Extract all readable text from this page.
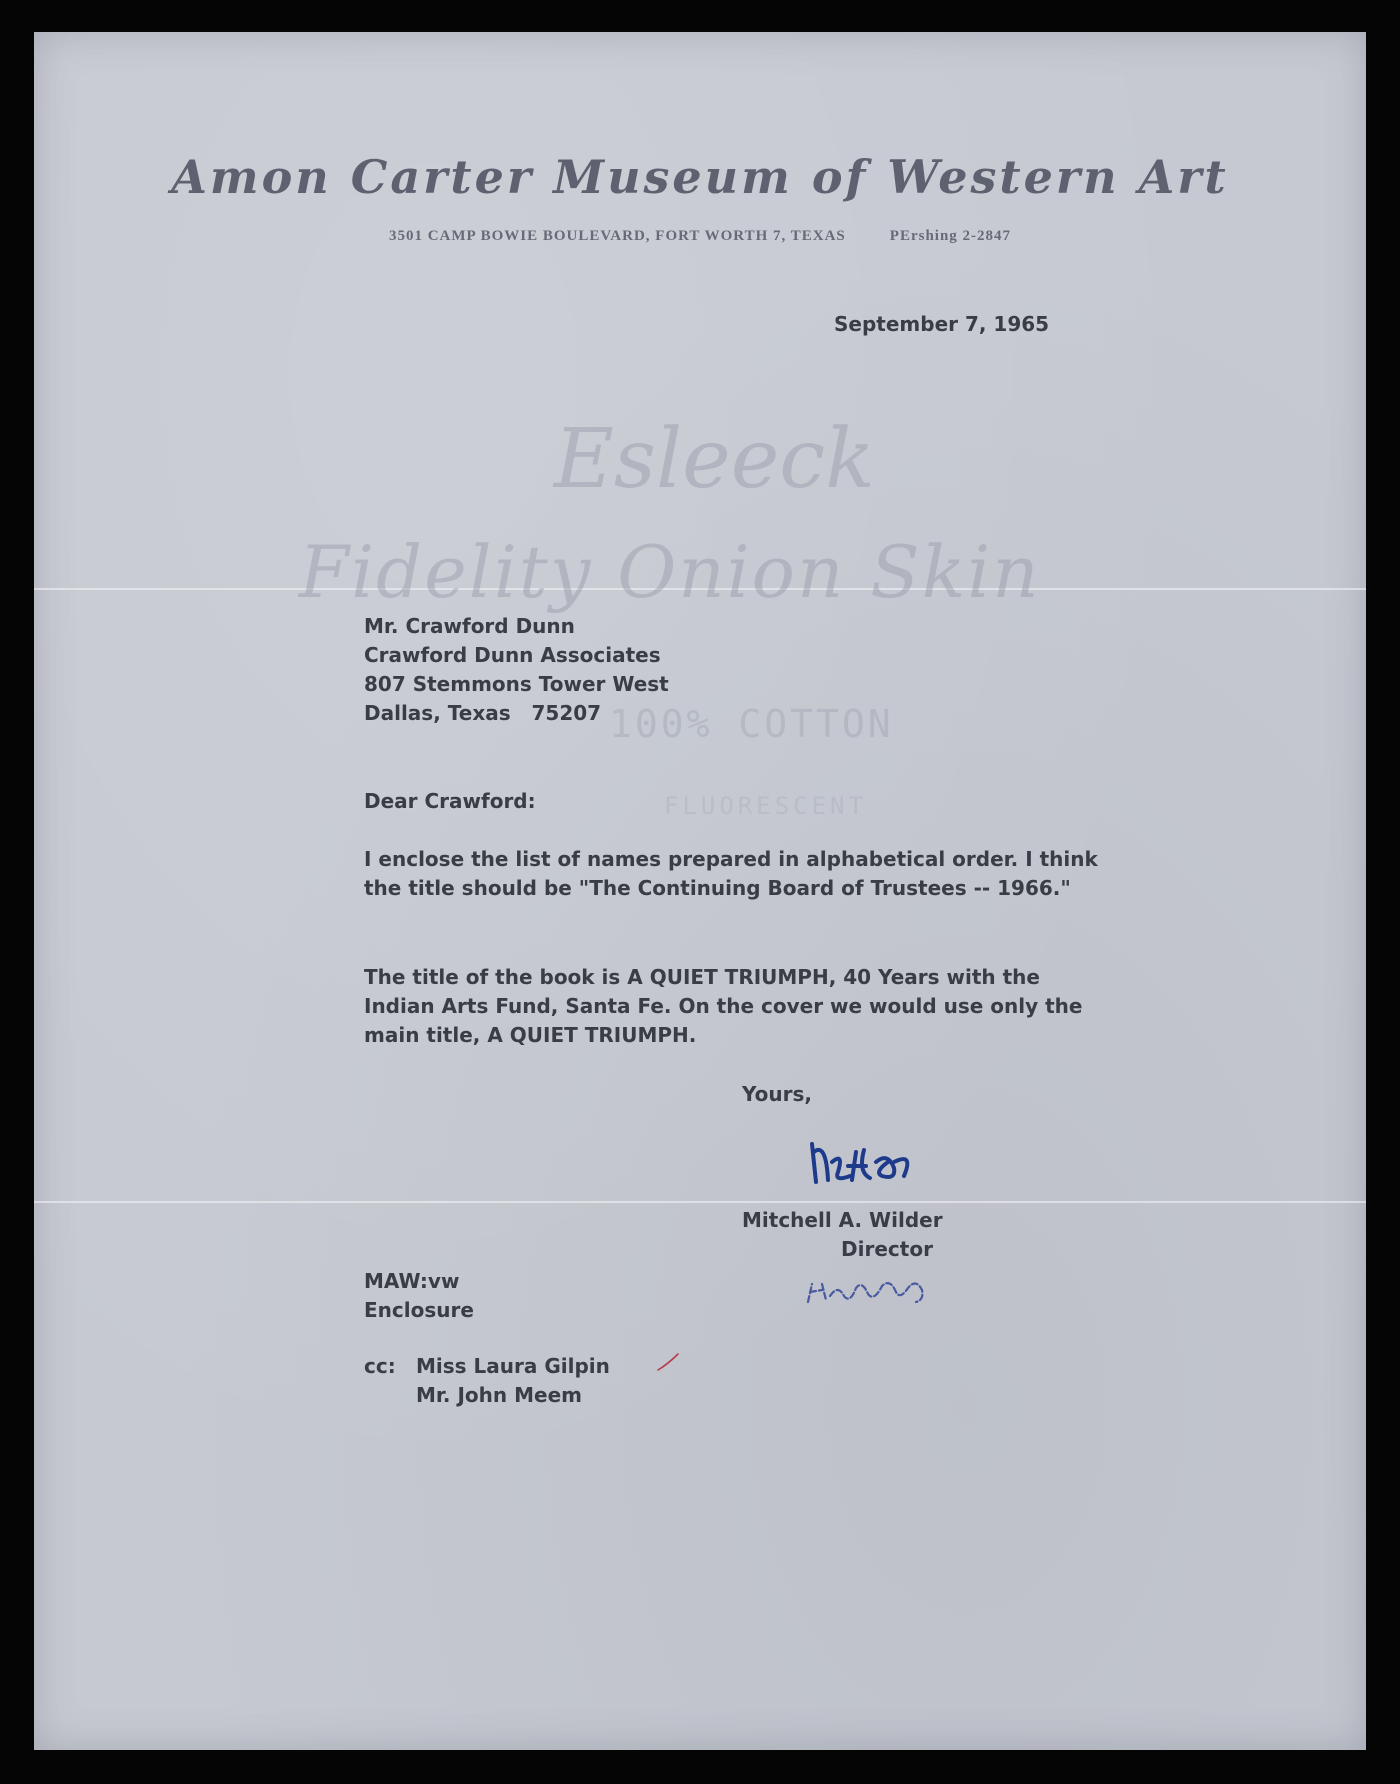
Amon Carter Museum of Western Art
3501 CAMP BOWIE BOULEVARD, FORT WORTH 7, TEXAS	PErshing 2-2847
Esleeck
Fidelity Onion Skin
100% COTTON
FLUORESCENT
September 7, 1965
Mr. Crawford Dunn
Crawford Dunn Associates
807 Stemmons Tower West
Dallas, Texas   75207
Dear Crawford:
I enclose the list of names prepared in alphabetical order. I think the title should be "The Continuing Board of Trustees -- 1966."
The title of the book is A QUIET TRIUMPH, 40 Years with the Indian Arts Fund, Santa Fe. On the cover we would use only the main title, A QUIET TRIUMPH.
Yours,
Mitchell A. Wilder
Director
MAW:vw
Enclosure
cc:	Miss Laura Gilpin
Mr. John Meem
